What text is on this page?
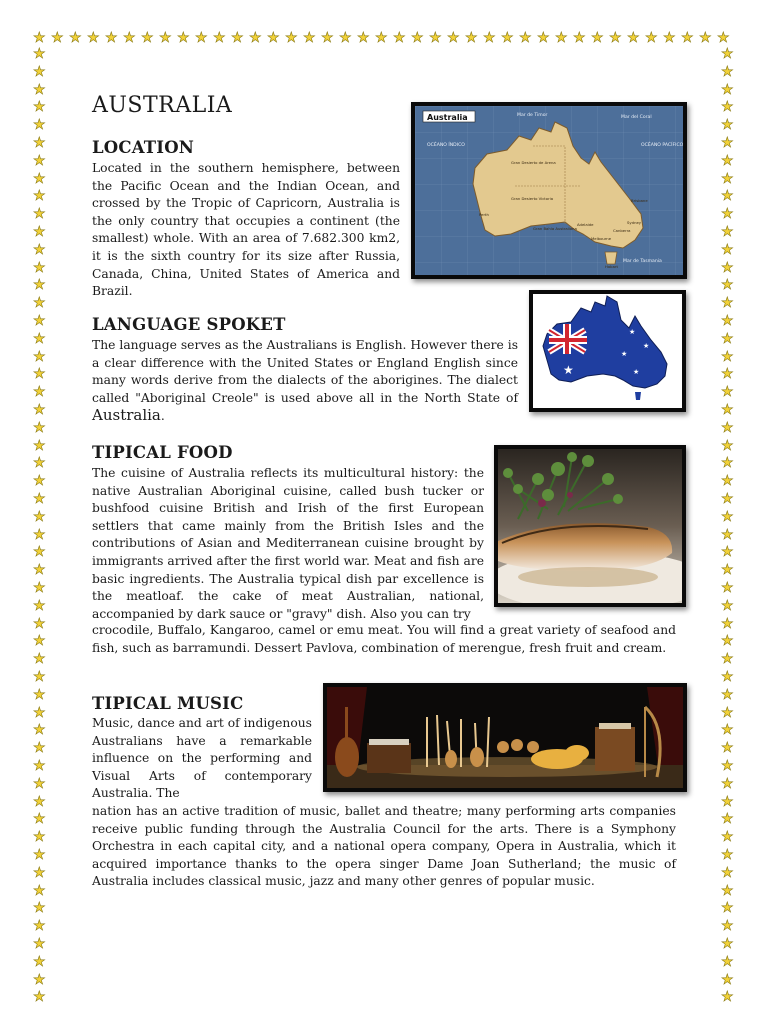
★ ★ ★ ★ ★ ★ ★ ★ ★ ★ ★ ★ ★ ★ ★ ★ ★ ★ ★ ★ ★ ★ ★ ★ ★ ★ ★ ★ ★ ★ ★ ★ ★ ★ ★ ★ ★ ★ ★
★
★
★
★
★
★
★
★
★
★
★
★
★
★
★
★
★
★
★
★
★
★
★
★
★
★
★
★
★
★
★
★
★
★
★
★
★
★
★
★
★
★
★
★
★
★
★
★
★
★
★
★
★
★
★
★
★
★
★
★
★
★
★
★
★
★
★
★
★
★
★
★
★
★
★
★
★
★
★
★
★
★
★
★
★
★
★
★
★
★
★
★
★
★
★
★
★
★
★
★
★
★
★
★
★
★
★
★
AUSTRALIA
LOCATION

Located in the southern hemisphere, between the Pacific Ocean and the Indian Ocean, and crossed by the Tropic of Capricorn, Australia is the only country that occupies a continent (the smallest) whole. With an area of 7.682.300 km2, it is the sixth country for its size after Russia, Canada, China, United States of America and Brazil.

Australia	Mar de Timor	Mar del Coral
OCÉANO ÍNDICO	OCÉANO PACÍFICO
Mar de Tasmania
Gran Desierto de Arena
Gran Desierto Victoria
Gran Bahía Australiana
Perth
Adelaide
Melbourne
Sydney
Brisbane
Canberra
Hobart
LANGUAGE SPOKET

The language serves as the Australians is English. However there is a clear difference with the United States or England English since many words derive from the dialects of the aborigines. The dialect called "Aboriginal Creole" is used above all in the North State of Australia.

★
★
★
★
★
TIPICAL FOOD

The cuisine of Australia reflects its multicultural history: the native Australian Aboriginal cuisine, called bush tucker or bushfood cuisine British and Irish of the first European settlers that came mainly from the British Isles and the contributions of Asian and Mediterranean cuisine brought by immigrants arrived after the first world war. Meat and fish are basic ingredients. The Australia typical dish par excellence is the meatloaf. the cake of meat Australian, national, accompanied by dark sauce or "gravy" dish. Also you can try

crocodile, Buffalo, Kangaroo, camel or emu meat. You will find a great variety of seafood and fish, such as barramundi. Dessert Pavlova, combination of merengue, fresh fruit and cream.

TIPICAL MUSIC

Music, dance and art of indigenous Australians have a remarkable influence on the performing and Visual Arts of contemporary Australia. The

nation has an active tradition of music, ballet and theatre; many performing arts companies receive public funding through the Australia Council for the arts. There is a Symphony Orchestra in each capital city, and a national opera company, Opera in Australia, which it acquired importance thanks to the opera singer Dame Joan Sutherland; the music of Australia includes classical music, jazz and many other genres of popular music.
